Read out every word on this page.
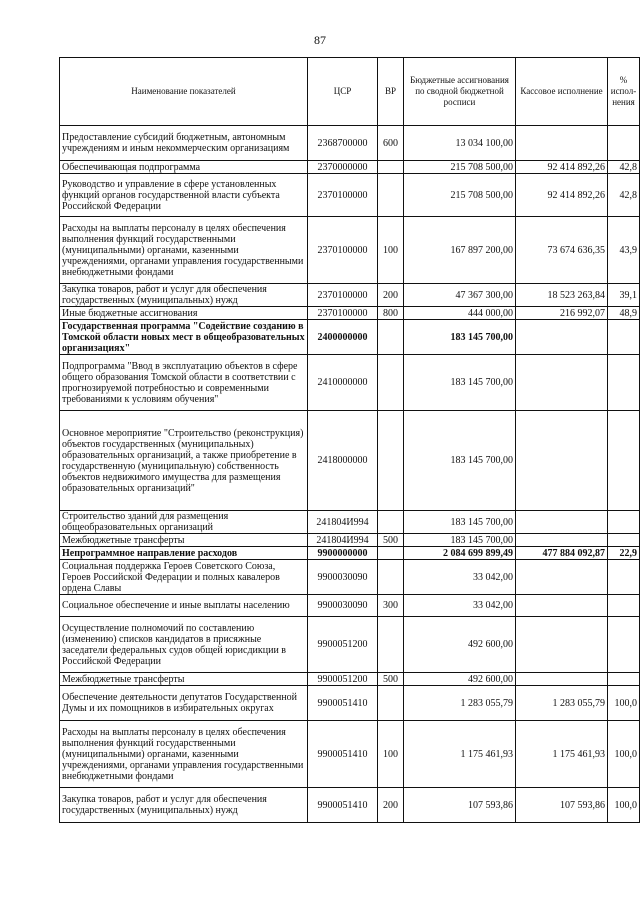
87
Наименование показателей	ЦСР	ВР	Бюджетные ассигнования по сводной бюджетной росписи	Кассовое исполнение	% испол-нения
Предоставление субсидий бюджетным, автономным учреждениям и иным некоммерческим организациям	2368700000	600	13 034 100,00		
Обеспечивающая подпрограмма	2370000000		215 708 500,00	92 414 892,26	42,8
Руководство и управление в сфере установленных функций органов государственной власти субъекта Российской Федерации	2370100000		215 708 500,00	92 414 892,26	42,8
Расходы на выплаты персоналу в целях обеспечения выполнения функций государственными (муниципальными) органами, казенными учреждениями, органами управления государственными внебюджетными фондами	2370100000	100	167 897 200,00	73 674 636,35	43,9
Закупка товаров, работ и услуг для обеспечения государственных (муниципальных) нужд	2370100000	200	47 367 300,00	18 523 263,84	39,1
Иные бюджетные ассигнования	2370100000	800	444 000,00	216 992,07	48,9
Государственная программа "Содействие созданию в Томской области новых мест в общеобразовательных организациях"	2400000000		183 145 700,00		
Подпрограмма "Ввод в эксплуатацию объектов в сфере общего образования Томской области в соответствии с прогнозируемой потребностью и современными требованиями к условиям обучения"	2410000000		183 145 700,00		
Основное мероприятие "Строительство (реконструкция) объектов государственных (муниципальных) образовательных организаций, а также приобретение в государственную (муниципальную) собственность объектов недвижимого имущества для размещения образовательных организаций"	2418000000		183 145 700,00		
Строительство зданий для размещения общеобразовательных организаций	241804И994		183 145 700,00		
Межбюджетные трансферты	241804И994	500	183 145 700,00		
Непрограммное направление расходов	9900000000		2 084 699 899,49	477 884 092,87	22,9
Социальная поддержка Героев Советского Союза, Героев Российской Федерации и полных кавалеров ордена Славы	9900030090		33 042,00		
Социальное обеспечение и иные выплаты населению	9900030090	300	33 042,00		
Осуществление полномочий по составлению (изменению) списков кандидатов в присяжные заседатели федеральных судов общей юрисдикции в Российской Федерации	9900051200		492 600,00		
Межбюджетные трансферты	9900051200	500	492 600,00		
Обеспечение деятельности депутатов Государственной Думы и их помощников в избирательных округах	9900051410		1 283 055,79	1 283 055,79	100,0
Расходы на выплаты персоналу в целях обеспечения выполнения функций государственными (муниципальными) органами, казенными учреждениями, органами управления государственными внебюджетными фондами	9900051410	100	1 175 461,93	1 175 461,93	100,0
Закупка товаров, работ и услуг для обеспечения государственных (муниципальных) нужд	9900051410	200	107 593,86	107 593,86	100,0
